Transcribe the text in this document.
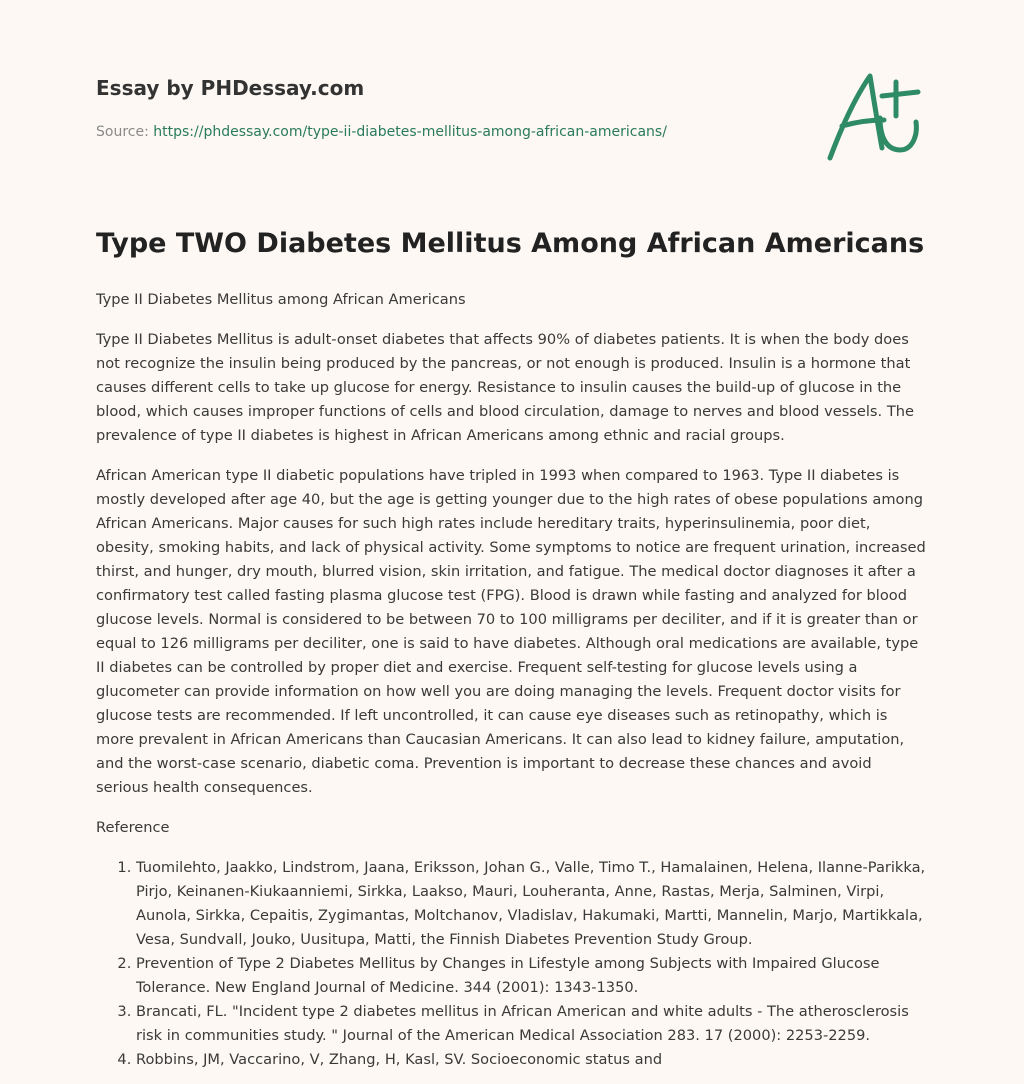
Essay by PHDessay.com

Source: https://phdessay.com/type-ii-diabetes-mellitus-among-african-americans/

Type TWO Diabetes Mellitus Among African Americans

Type II Diabetes Mellitus among African Americans

Type II Diabetes Mellitus is adult-onset diabetes that affects 90% of diabetes patients. It is when the body does not recognize the insulin being produced by the pancreas, or not enough is produced. Insulin is a hormone that causes different cells to take up glucose for energy. Resistance to insulin causes the build-up of glucose in the blood, which causes improper functions of cells and blood circulation, damage to nerves and blood vessels. The prevalence of type II diabetes is highest in African Americans among ethnic and racial groups.

African American type II diabetic populations have tripled in 1993 when compared to 1963. Type II diabetes is mostly developed after age 40, but the age is getting younger due to the high rates of obese populations among African Americans. Major causes for such high rates include hereditary traits, hyperinsulinemia, poor diet, obesity, smoking habits, and lack of physical activity. Some symptoms to notice are frequent urination, increased thirst, and hunger, dry mouth, blurred vision, skin irritation, and fatigue. The medical doctor diagnoses it after a confirmatory test called fasting plasma glucose test (FPG). Blood is drawn while fasting and analyzed for blood glucose levels. Normal is considered to be between 70 to 100 milligrams per deciliter, and if it is greater than or equal to 126 milligrams per deciliter, one is said to have diabetes. Although oral medications are available, type II diabetes can be controlled by proper diet and exercise. Frequent self-testing for glucose levels using a glucometer can provide information on how well you are doing managing the levels. Frequent doctor visits for glucose tests are recommended. If left uncontrolled, it can cause eye diseases such as retinopathy, which is more prevalent in African Americans than Caucasian Americans. It can also lead to kidney failure, amputation, and the worst-case scenario, diabetic coma. Prevention is important to decrease these chances and avoid serious health consequences.

Reference

1. Tuomilehto, Jaakko, Lindstrom, Jaana, Eriksson, Johan G., Valle, Timo T., Hamalainen, Helena, Ilanne-Parikka, Pirjo, Keinanen-Kiukaanniemi, Sirkka, Laakso, Mauri, Louheranta, Anne, Rastas, Merja, Salminen, Virpi, Aunola, Sirkka, Cepaitis, Zygimantas, Moltchanov, Vladislav, Hakumaki, Martti, Mannelin, Marjo, Martikkala, Vesa, Sundvall, Jouko, Uusitupa, Matti, the Finnish Diabetes Prevention Study Group.
2. Prevention of Type 2 Diabetes Mellitus by Changes in Lifestyle among Subjects with Impaired Glucose Tolerance. New England Journal of Medicine. 344 (2001): 1343-1350.
3. Brancati, FL. "Incident type 2 diabetes mellitus in African American and white adults - The atherosclerosis risk in communities study. " Journal of the American Medical Association 283. 17 (2000): 2253-2259.
4. Robbins, JM, Vaccarino, V, Zhang, H, Kasl, SV. Socioeconomic status and
